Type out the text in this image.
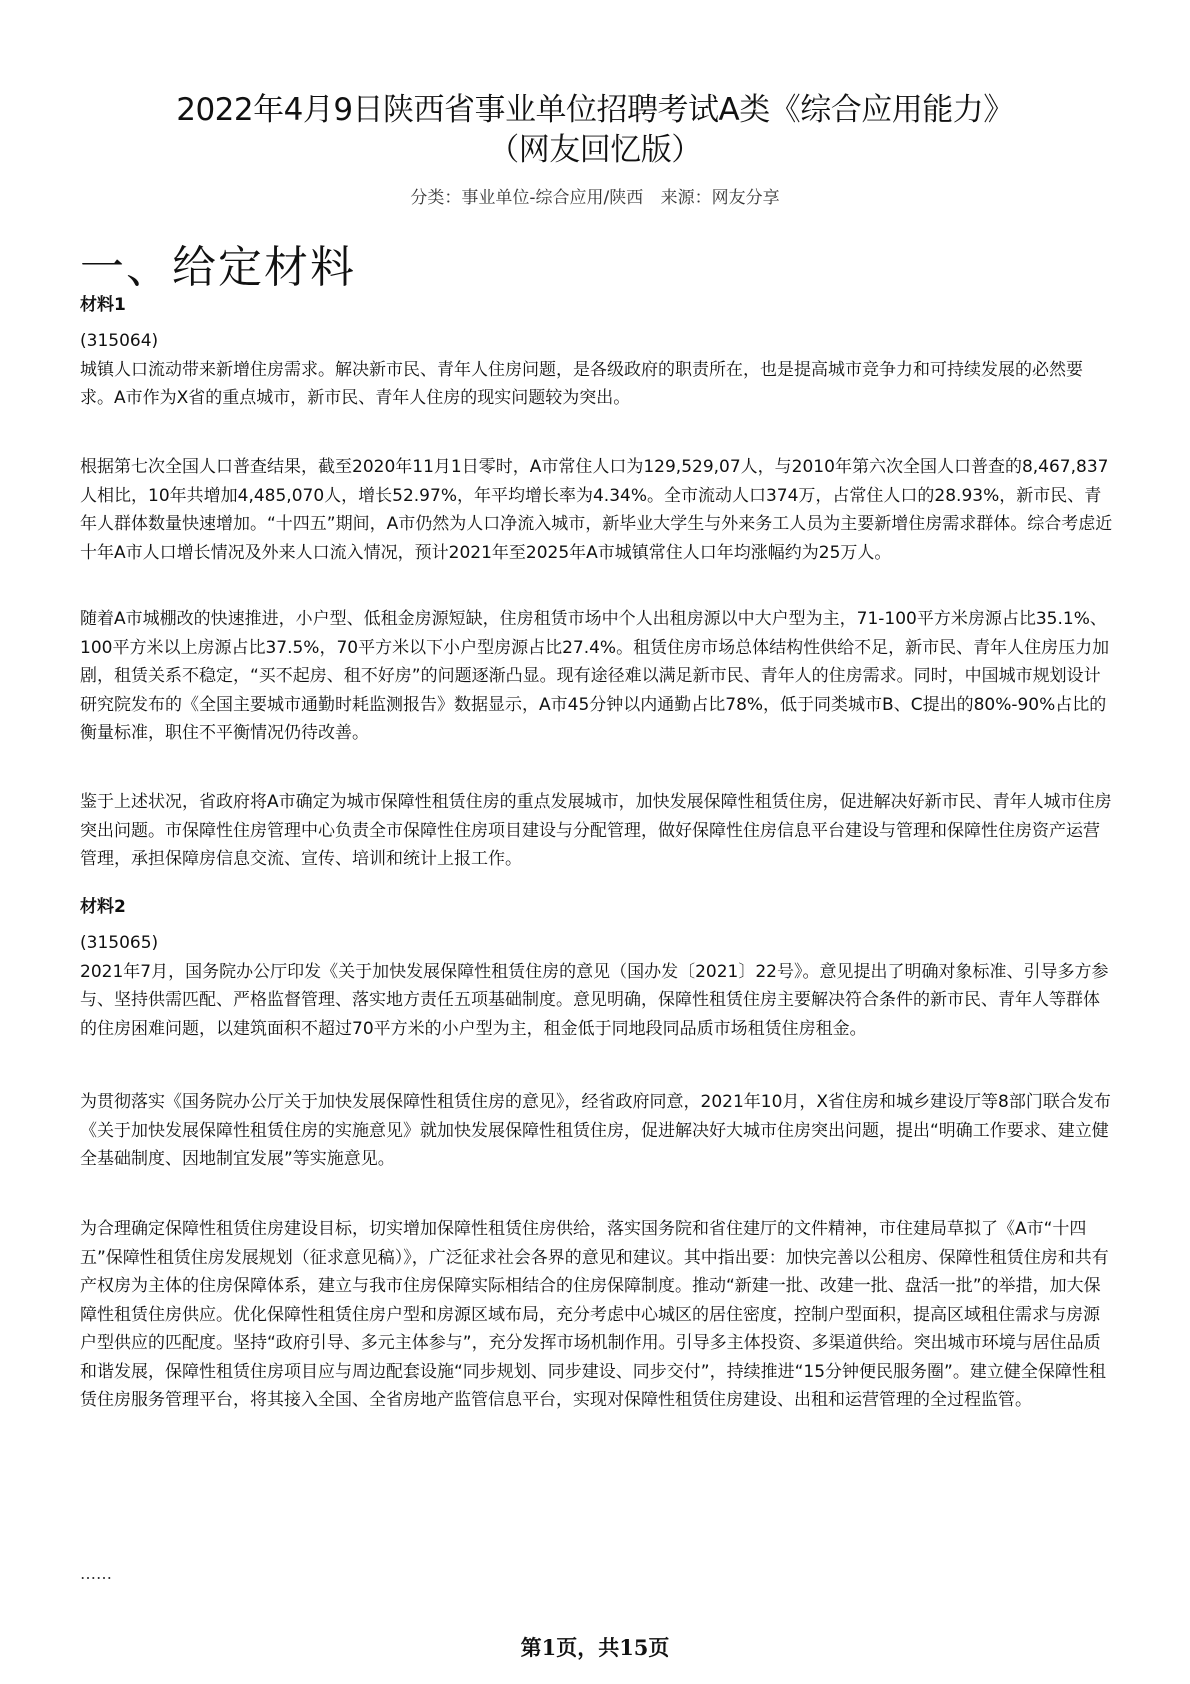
2022年4月9日陕西省事业单位招聘考试A类《综合应用能力》
（网友回忆版）
分类：事业单位-综合应用/陕西 来源：网友分享
一、给定材料
材料1

(315064)

城镇人口流动带来新增住房需求。解决新市民、青年人住房问题，是各级政府的职责所在，也是提高城市竞争力和可持续发展的必然要求。A市作为X省的重点城市，新市民、青年人住房的现实问题较为突出。

根据第七次全国人口普查结果，截至2020年11月1日零时，A市常住人口为129,529,07人，与2010年第六次全国人口普查的8,467,837人相比，10年共增加4,485,070人，增长52.97%，年平均增长率为4.34%。全市流动人口374万，占常住人口的28.93%，新市民、青年人群体数量快速增加。“十四五”期间，A市仍然为人口净流入城市，新毕业大学生与外来务工人员为主要新增住房需求群体。综合考虑近十年A市人口增长情况及外来人口流入情况，预计2021年至2025年A市城镇常住人口年均涨幅约为25万人。

随着A市城棚改的快速推进，小户型、低租金房源短缺，住房租赁市场中个人出租房源以中大户型为主，71-100平方米房源占比35.1%、100平方米以上房源占比37.5%，70平方米以下小户型房源占比27.4%。租赁住房市场总体结构性供给不足，新市民、青年人住房压力加剧，租赁关系不稳定，“买不起房、租不好房”的问题逐渐凸显。现有途径难以满足新市民、青年人的住房需求。同时，中国城市规划设计研究院发布的《全国主要城市通勤时耗监测报告》数据显示，A市45分钟以内通勤占比78%，低于同类城市B、C提出的80%-90%占比的衡量标准，职住不平衡情况仍待改善。

鉴于上述状况，省政府将A市确定为城市保障性租赁住房的重点发展城市，加快发展保障性租赁住房，促进解决好新市民、青年人城市住房突出问题。市保障性住房管理中心负责全市保障性住房项目建设与分配管理，做好保障性住房信息平台建设与管理和保障性住房资产运营管理，承担保障房信息交流、宣传、培训和统计上报工作。

材料2

(315065)

2021年7月，国务院办公厅印发《关于加快发展保障性租赁住房的意见（国办发〔2021〕22号》。意见提出了明确对象标准、引导多方参与、坚持供需匹配、严格监督管理、落实地方责任五项基础制度。意见明确，保障性租赁住房主要解决符合条件的新市民、青年人等群体的住房困难问题，以建筑面积不超过70平方米的小户型为主，租金低于同地段同品质市场租赁住房租金。

为贯彻落实《国务院办公厅关于加快发展保障性租赁住房的意见》，经省政府同意，2021年10月，X省住房和城乡建设厅等8部门联合发布《关于加快发展保障性租赁住房的实施意见》就加快发展保障性租赁住房，促进解决好大城市住房突出问题，提出“明确工作要求、建立健全基础制度、因地制宜发展”等实施意见。

为合理确定保障性租赁住房建设目标，切实增加保障性租赁住房供给，落实国务院和省住建厅的文件精神，市住建局草拟了《A市“十四五”保障性租赁住房发展规划（征求意见稿）》，广泛征求社会各界的意见和建议。其中指出要：加快完善以公租房、保障性租赁住房和共有产权房为主体的住房保障体系，建立与我市住房保障实际相结合的住房保障制度。推动“新建一批、改建一批、盘活一批”的举措，加大保障性租赁住房供应。优化保障性租赁住房户型和房源区域布局，充分考虑中心城区的居住密度，控制户型面积，提高区域租住需求与房源户型供应的匹配度。坚持“政府引导、多元主体参与”，充分发挥市场机制作用。引导多主体投资、多渠道供给。突出城市环境与居住品质和谐发展，保障性租赁住房项目应与周边配套设施“同步规划、同步建设、同步交付”，持续推进“15分钟便民服务圈”。建立健全保障性租赁住房服务管理平台，将其接入全国、全省房地产监管信息平台，实现对保障性租赁住房建设、出租和运营管理的全过程监管。

……
第1页，共15页
